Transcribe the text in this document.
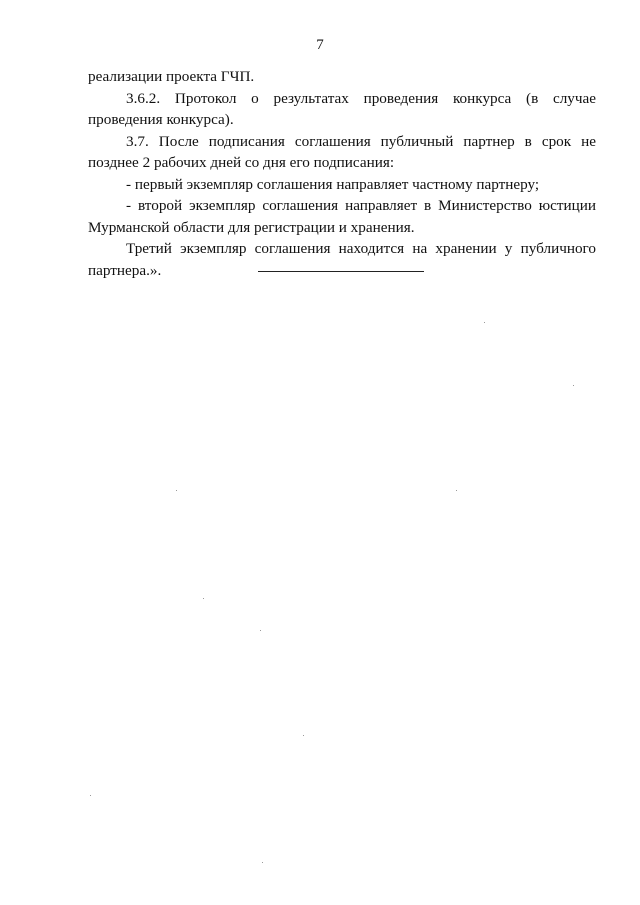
7

реализации проекта ГЧП.

3.6.2. Протокол о результатах проведения конкурса (в случае проведения конкурса).

3.7. После подписания соглашения публичный партнер в срок не позднее 2 рабочих дней со дня его подписания:

- первый экземпляр соглашения направляет частному партнеру;

- второй экземпляр соглашения направляет в Министерство юстиции Мурманской области для регистрации и хранения.

Третий экземпляр соглашения находится на хранении у публичного партнера.».
